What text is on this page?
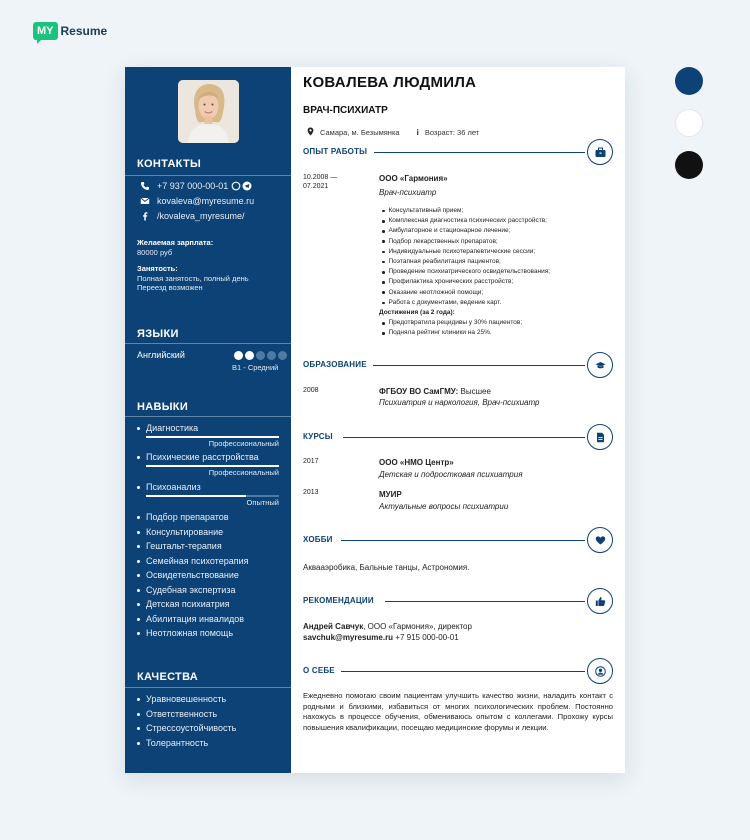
MY Resume
КОНТАКТЫ
+7 937 000-00-01
kovaleva@myresume.ru
/kovaleva_myresume/
Желаемая зарплата:
80000 руб
Занятость:
Полная занятость, полный день
Переезд возможен
ЯЗЫКИ
Английский
B1 - Средний
НАВЫКИ
Диагностика
Профессиональный
Психические расстройства
Профессиональный
Психоанализ
Опытный
Подбор препаратов
Консультирование
Гештальт-терапия
Семейная психотерапия
Освидетельствование
Судебная экспертиза
Детская психиатрия
Абилитация инвалидов
Неотложная помощь
КАЧЕСТВА
Уравновешенность
Ответственность
Стрессоустойчивость
Толерантность
КОВАЛЕВА ЛЮДМИЛА
ВРАЧ-ПСИХИАТР
Самара, м. Безымянка i Возраст: 36 лет
ОПЫТ РАБОТЫ
10.2008 —
07.2021
ООО «Гармония»
Врач-психиатр
Консультативный прием;
Комплексная диагностика психических расстройств;
Амбулаторное и стационарное лечение;
Подбор лекарственных препаратов;
Индивидуальные психотерапевтические сессии;
Поэтапная реабилитация пациентов;
Проведение психиатрического освидетельствования;
Профилактика хронических расстройств;
Оказание неотложной помощи;
Работа с документами, ведение карт.
Достижения (за 2 года):
Предотвратила рецидивы у 30% пациентов;
Подняла рейтинг клиники на 25%.
ОБРАЗОВАНИЕ
2008	ФГБОУ ВО СамГМУ: Высшее
Психиатрия и наркология, Врач-психиатр
КУРСЫ
2017	ООО «НМО Центр»
Детская и подростковая психиатрия
2013	МУИР
Актуальные вопросы психиатрии
ХОББИ
Аквааэробика, Бальные танцы, Астрономия.
РЕКОМЕНДАЦИИ
Андрей Савчук, ООО «Гармония», директор
savchuk@myresume.ru +7 915 000-00-01
О СЕБЕ
Ежедневно помогаю своим пациентам улучшить качество жизни, наладить контакт с родными и близкими, избавиться от многих психологических проблем. Постоянно нахожусь в процессе обучения, обмениваюсь опытом с коллегами. Прохожу курсы повышения квалификации, посещаю медицинские форумы и лекции.
